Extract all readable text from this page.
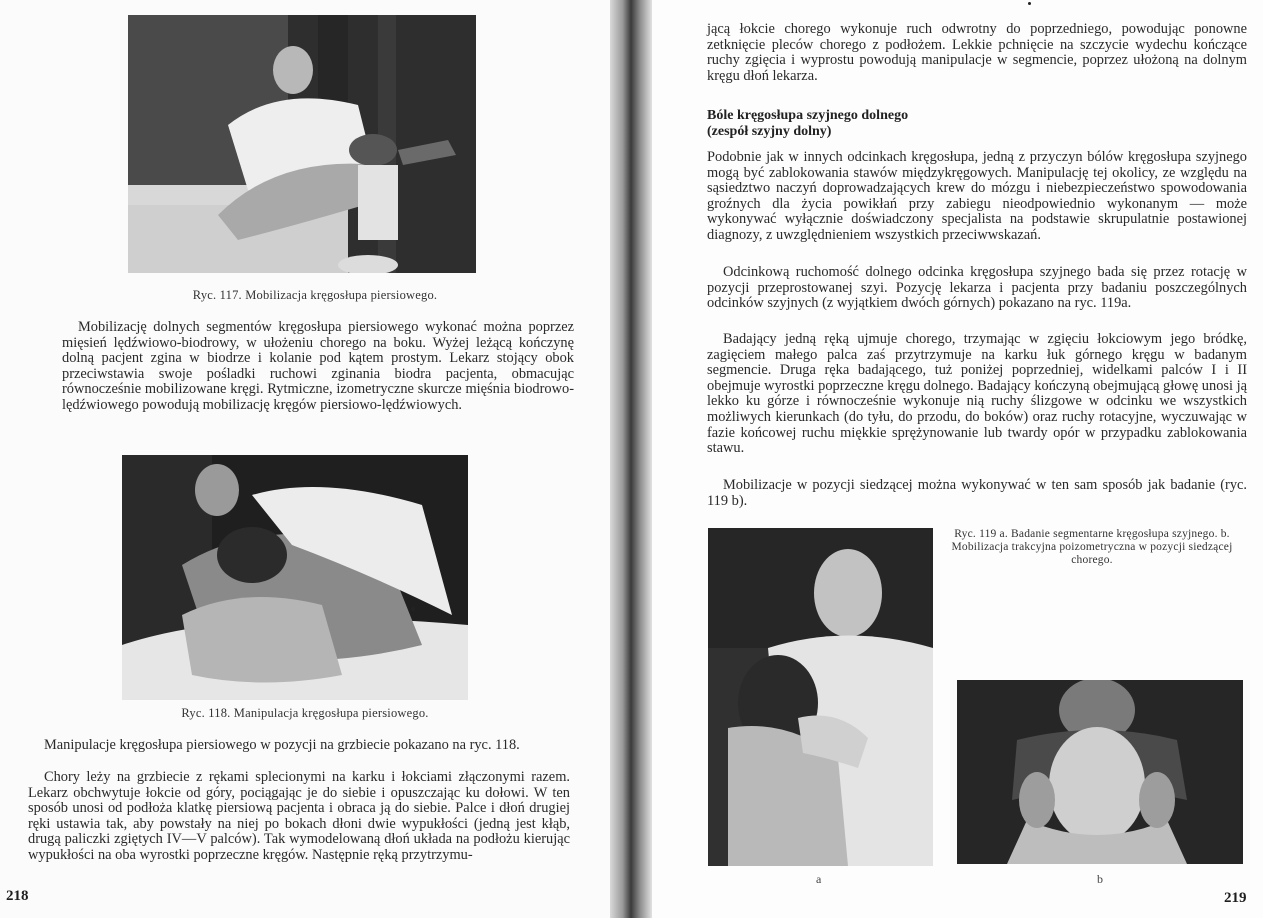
Ryc. 117. Mobilizacja kręgosłupa piersiowego.

Mobilizację dolnych segmentów kręgosłupa piersiowego wykonać można poprzez mięsień lędźwiowo-biodrowy, w ułożeniu chorego na boku. Wyżej leżącą kończynę dolną pacjent zgina w biodrze i kolanie pod kątem prostym. Lekarz stojący obok przeciwstawia swoje pośladki ruchowi zginania biodra pacjenta, obmacując równocześnie mobilizowane kręgi. Rytmiczne, izometryczne skurcze mięśnia biodrowo-lędźwiowego powodują mobilizację kręgów piersiowo-lędźwiowych.

Ryc. 118. Manipulacja kręgosłupa piersiowego.

Manipulacje kręgosłupa piersiowego w pozycji na grzbiecie pokazano na ryc. 118.

Chory leży na grzbiecie z rękami splecionymi na karku i łokciami złączonymi razem. Lekarz obchwytuje łokcie od góry, pociągając je do siebie i opuszczając ku dołowi. W ten sposób unosi od podłoża klatkę piersiową pacjenta i obraca ją do siebie. Palce i dłoń drugiej ręki ustawia tak, aby powstały na niej po bokach dłoni dwie wypukłości (jedną jest kłąb, drugą paliczki zgiętych IV—V palców). Tak wymodelowaną dłoń układa na podłożu kierując wypukłości na oba wyrostki poprzeczne kręgów. Następnie ręką przytrzymu-

218

jącą łokcie chorego wykonuje ruch odwrotny do poprzedniego, powodując ponowne zetknięcie pleców chorego z podłożem. Lekkie pchnięcie na szczycie wydechu kończące ruchy zgięcia i wyprostu powodują manipulacje w segmencie, poprzez ułożoną na dolnym kręgu dłoń lekarza.

Bóle kręgosłupa szyjnego dolnego
(zespół szyjny dolny)

Podobnie jak w innych odcinkach kręgosłupa, jedną z przyczyn bólów kręgosłupa szyjnego mogą być zablokowania stawów międzykręgowych. Manipulację tej okolicy, ze względu na sąsiedztwo naczyń doprowadzających krew do mózgu i niebezpieczeństwo spowodowania groźnych dla życia powikłań przy zabiegu nieodpowiednio wykonanym — może wykonywać wyłącznie doświadczony specjalista na podstawie skrupulatnie postawionej diagnozy, z uwzględnieniem wszystkich przeciwwskazań.

Odcinkową ruchomość dolnego odcinka kręgosłupa szyjnego bada się przez rotację w pozycji przeprostowanej szyi. Pozycję lekarza i pacjenta przy badaniu poszczególnych odcinków szyjnych (z wyjątkiem dwóch górnych) pokazano na ryc. 119a.

Badający jedną ręką ujmuje chorego, trzymając w zgięciu łokciowym jego bródkę, zagięciem małego palca zaś przytrzymuje na karku łuk górnego kręgu w badanym segmencie. Druga ręka badającego, tuż poniżej poprzedniej, widelkami palców I i II obejmuje wyrostki poprzeczne kręgu dolnego. Badający kończyną obejmującą głowę unosi ją lekko ku górze i równocześnie wykonuje nią ruchy ślizgowe w odcinku we wszystkich możliwych kierunkach (do tyłu, do przodu, do boków) oraz ruchy rotacyjne, wyczuwając w fazie końcowej ruchu miękkie sprężynowanie lub twardy opór w przypadku zablokowania stawu.

Mobilizacje w pozycji siedzącej można wykonywać w ten sam sposób jak badanie (ryc. 119 b).

Ryc. 119 a. Badanie segmentarne kręgosłupa szyjnego. b. Mobilizacja trakcyjna poizometryczna w pozycji siedzącej chorego.
a	b
219
